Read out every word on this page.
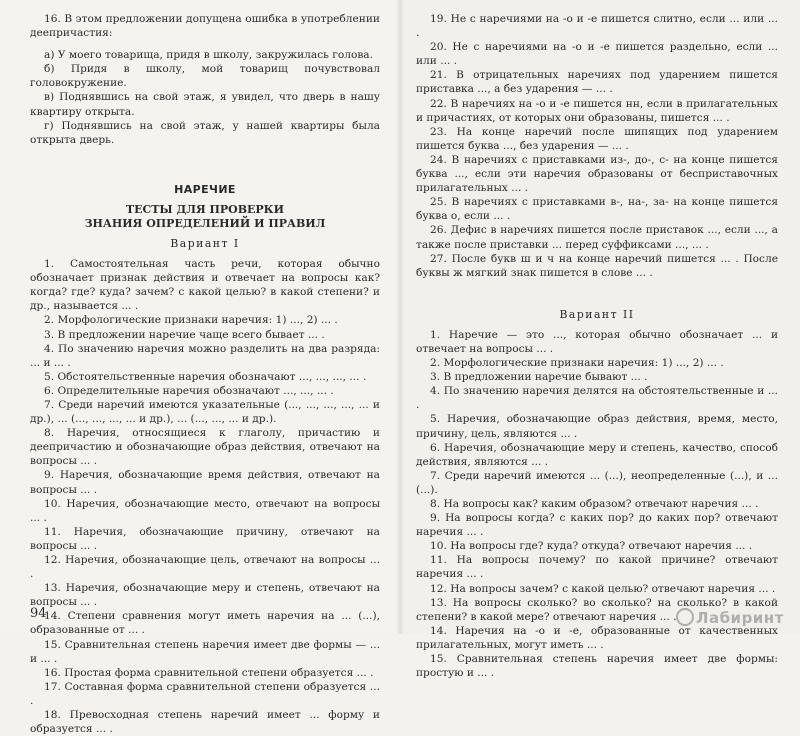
16. В этом предложении допущена ошибка в употреблении деепричастия:

а) У моего товарища, придя в школу, закружилась голова.

б) Придя в школу, мой товарищ почувствовал головокружение.

в) Поднявшись на свой этаж, я увидел, что дверь в нашу квартиру открыта.

г) Поднявшись на свой этаж, у нашей квартиры была открыта дверь.

НАРЕЧИЕ

ТЕСТЫ ДЛЯ ПРОВЕРКИ

ЗНАНИЯ ОПРЕДЕЛЕНИЙ И ПРАВИЛ

Вариант I

1. Самостоятельная часть речи, которая обычно обозначает признак действия и отвечает на вопросы как? когда? где? куда? зачем? с какой целью? в какой степени? и др., называется ... .

2. Морфологические признаки наречия: 1) ..., 2) ... .

3. В предложении наречие чаще всего бывает ... .

4. По значению наречия можно разделить на два разряда: ... и ... .

5. Обстоятельственные наречия обозначают ..., ..., ..., ... .

6. Определительные наречия обозначают ..., ..., ... .

7. Среди наречий имеются указательные (..., ..., ..., ..., ... и др.), ... (..., ..., ..., ... и др.), ... (..., ..., ... и др.).

8. Наречия, относящиеся к глаголу, причастию и деепричастию и обозначающие образ действия, отвечают на вопросы ... .

9. Наречия, обозначающие время действия, отвечают на вопросы ... .

10. Наречия, обозначающие место, отвечают на вопросы ... .

11. Наречия, обозначающие причину, отвечают на вопросы ... .

12. Наречия, обозначающие цель, отвечают на вопросы ... .

13. Наречия, обозначающие меру и степень, отвечают на вопросы ... .

14. Степени сравнения могут иметь наречия на ... (...), образованные от ... .

15. Сравнительная степень наречия имеет две формы — ... и ... .

16. Простая форма сравнительной степени образуется ... .

17. Составная форма сравнительной степени образуется ... .

18. Превосходная степень наречий имеет ... форму и образуется ... .

94

19. Не с наречиями на -о и -е пишется слитно, если ... или ... .

20. Не с наречиями на -о и -е пишется раздельно, если ... или ... .

21. В отрицательных наречиях под ударением пишется приставка ..., а без ударения — ... .

22. В наречиях на -о и -е пишется нн, если в прилагательных и причастиях, от которых они образованы, пишется ... .

23. На конце наречий после шипящих под ударением пишется буква ..., без ударения — ... .

24. В наречиях с приставками из-, до-, с- на конце пишется буква ..., если эти наречия образованы от бесприставочных прилагательных ... .

25. В наречиях с приставками в-, на-, за- на конце пишется буква о, если ... .

26. Дефис в наречиях пишется после приставок ..., если ..., а также после приставки ... перед суффиксами ..., ... .

27. После букв ш и ч на конце наречий пишется ... . После буквы ж мягкий знак пишется в слове ... .

Вариант II

1. Наречие — это ..., которая обычно обозначает ... и отвечает на вопросы ... .

2. Морфологические признаки наречия: 1) ..., 2) ... .

3. В предложении наречие бывают ... .

4. По значению наречия делятся на обстоятельственные и ... .

5. Наречия, обозначающие образ действия, время, место, причину, цель, являются ... .

6. Наречия, обозначающие меру и степень, качество, способ действия, являются ... .

7. Среди наречий имеются ... (...), неопределенные (...), и ... (...).

8. На вопросы как? каким образом? отвечают наречия ... .

9. На вопросы когда? с каких пор? до каких пор? отвечают наречия ... .

10. На вопросы где? куда? откуда? отвечают наречия ... .

11. На вопросы почему? по какой причине? отвечают наречия ... .

12. На вопросы зачем? с какой целью? отвечают наречия ... .

13. На вопросы сколько? во сколько? на сколько? в какой степени? в какой мере? отвечают наречия ... .

14. Наречия на -о и -е, образованные от качественных прилагательных, могут иметь ... .

15. Сравнительная степень наречия имеет две формы: простую и ... .

Лабиринт
